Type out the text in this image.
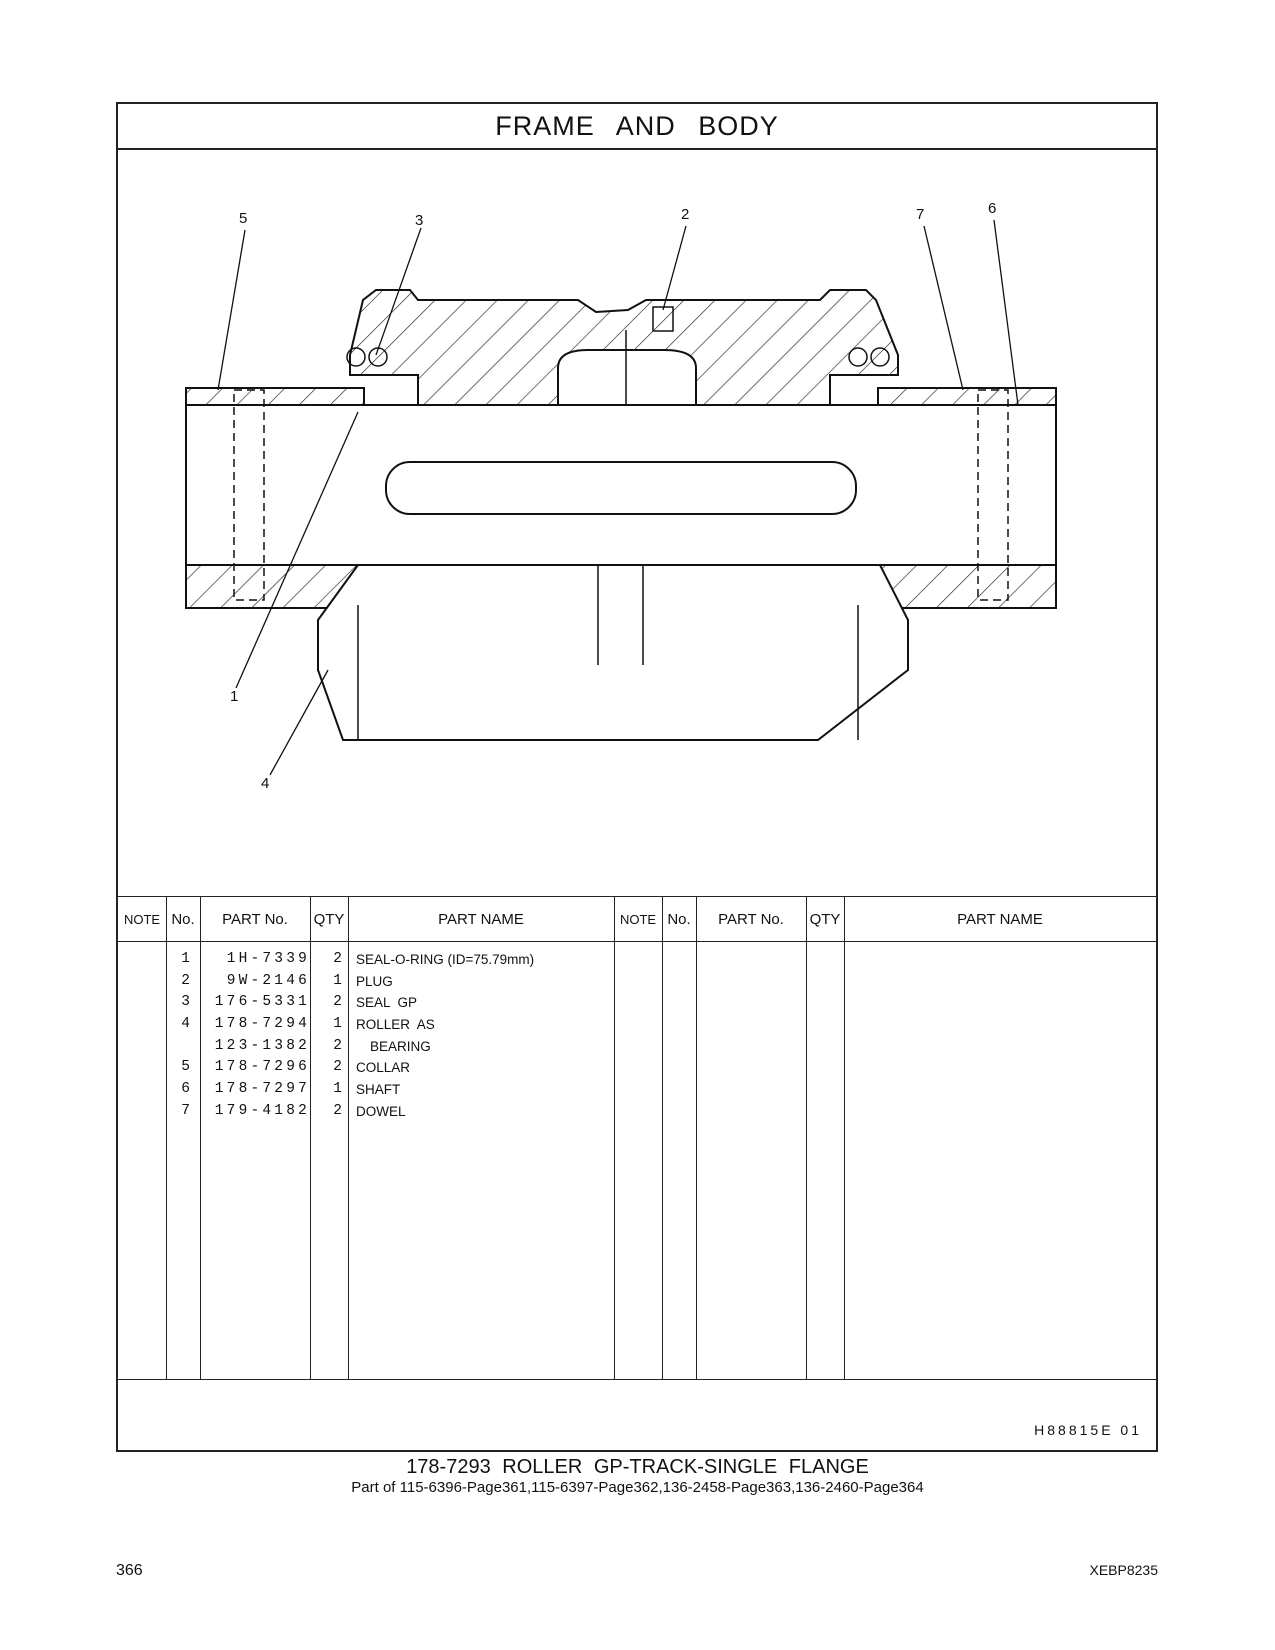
FRAME AND BODY
5	3	2	7	6
1
4
NOTE No.	PART No.	QTY	PART NAME	NOTE No.	PART No.	QTY	PART NAME
1	1H-7339	2 SEAL-O-RING (ID=75.79mm)
2	9W-2146	1 PLUG
3	176-5331	2 SEAL  GP
4	178-7294	1 ROLLER  AS
123-1382	2 BEARING
5	178-7296	2 COLLAR
6	178-7297	1 SHAFT
7	179-4182	2 DOWEL
H88815E 01
178-7293 ROLLER GP-TRACK-SINGLE FLANGE
Part of 115-6396-Page361,115-6397-Page362,136-2458-Page363,136-2460-Page364
366	XEBP8235
